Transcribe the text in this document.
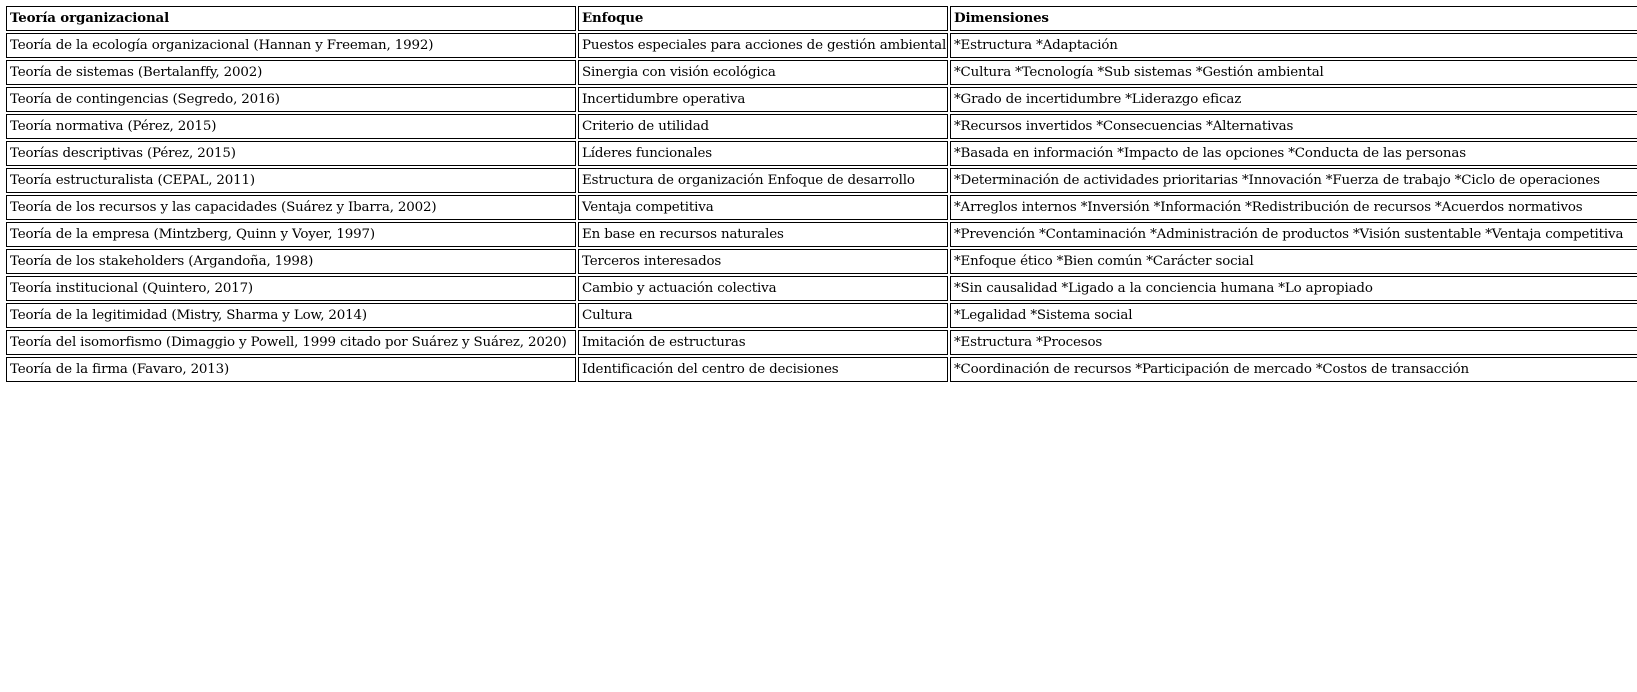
Teoría organizacional	Enfoque	Dimensiones
Teoría de la ecología organizacional (Hannan y Freeman, 1992)	Puestos especiales para acciones de gestión ambiental	*Estructura *Adaptación
Teoría de sistemas (Bertalanffy, 2002)	Sinergia con visión ecológica	*Cultura *Tecnología *Sub sistemas *Gestión ambiental
Teoría de contingencias (Segredo, 2016)	Incertidumbre operativa	*Grado de incertidumbre *Liderazgo eficaz
Teoría normativa (Pérez, 2015)	Criterio de utilidad	*Recursos invertidos *Consecuencias *Alternativas
Teorías descriptivas (Pérez, 2015)	Líderes funcionales	*Basada en información *Impacto de las opciones *Conducta de las personas
Teoría estructuralista (CEPAL, 2011)	Estructura de organización Enfoque de desarrollo	*Determinación de actividades prioritarias *Innovación *Fuerza de trabajo *Ciclo de operaciones
Teoría de los recursos y las capacidades (Suárez y Ibarra, 2002)	Ventaja competitiva	*Arreglos internos *Inversión *Información *Redistribución de recursos *Acuerdos normativos
Teoría de la empresa (Mintzberg, Quinn y Voyer, 1997)	En base en recursos naturales	*Prevención *Contaminación *Administración de productos *Visión sustentable *Ventaja competitiva
Teoría de los stakeholders (Argandoña, 1998)	Terceros interesados	*Enfoque ético *Bien común *Carácter social
Teoría institucional (Quintero, 2017)	Cambio y actuación colectiva	*Sin causalidad *Ligado a la conciencia humana *Lo apropiado
Teoría de la legitimidad (Mistry, Sharma y Low, 2014)	Cultura	*Legalidad *Sistema social
Teoría del isomorfismo (Dimaggio y Powell, 1999 citado por Suárez y Suárez, 2020)	Imitación de estructuras	*Estructura *Procesos
Teoría de la firma (Favaro, 2013)	Identificación del centro de decisiones	*Coordinación de recursos *Participación de mercado *Costos de transacción
